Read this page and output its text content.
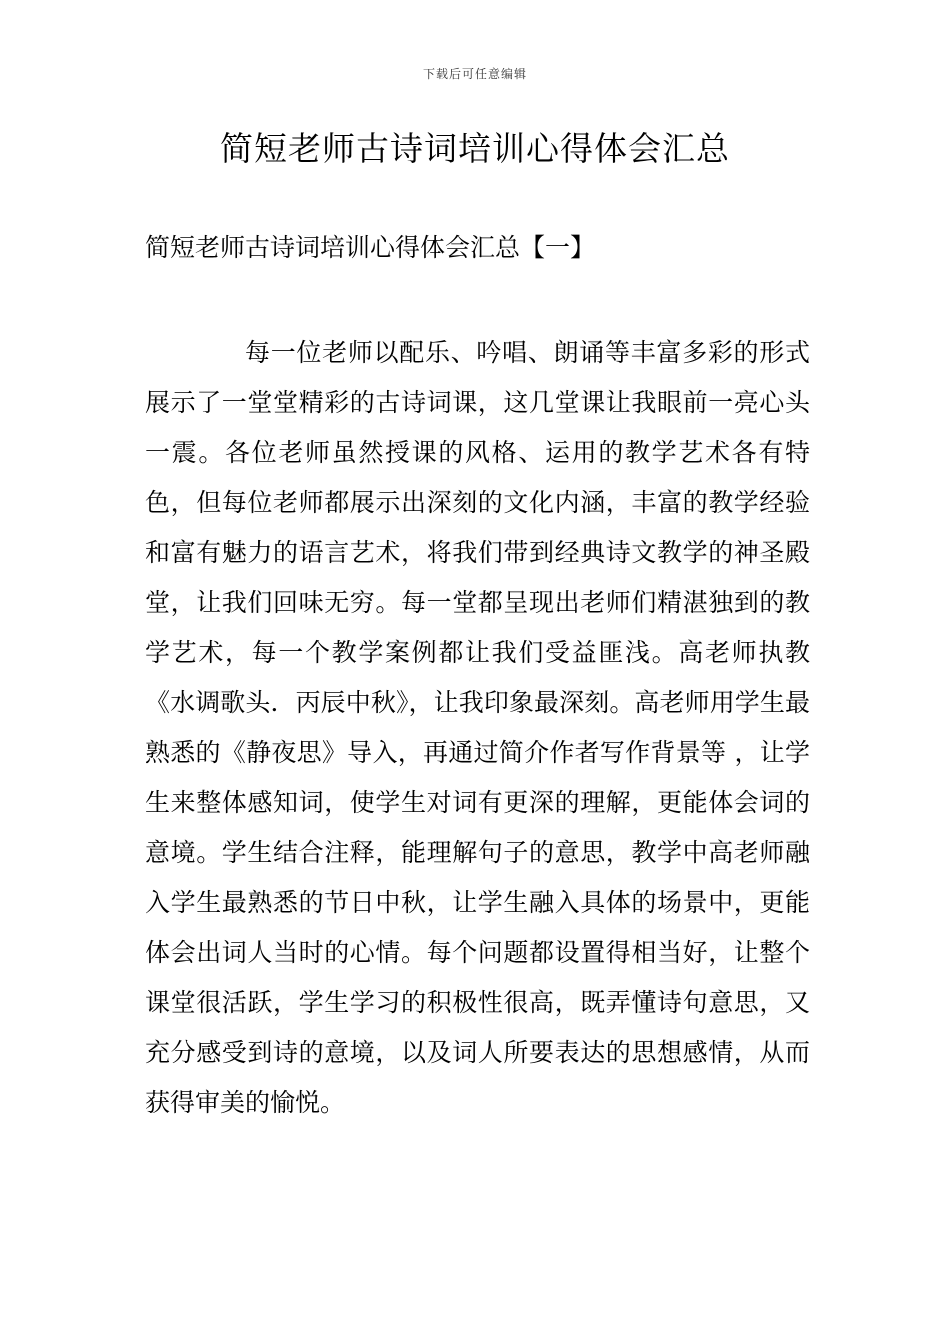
下载后可任意编辑
简短老师古诗词培训心得体会汇总
简短老师古诗词培训心得体会汇总【一】

每一位老师以配乐、吟唱、朗诵等丰富多彩的形式展示了一堂堂精彩的古诗词课，这几堂课让我眼前一亮心头一震。各位老师虽然授课的风格、运用的教学艺术各有特色，但每位老师都展示出深刻的文化内涵，丰富的教学经验和富有魅力的语言艺术，将我们带到经典诗文教学的神圣殿堂，让我们回味无穷。每一堂都呈现出老师们精湛独到的教学艺术，每一个教学案例都让我们受益匪浅。高老师执教《水调歌头．丙辰中秋》，让我印象最深刻。高老师用学生最熟悉的《静夜思》导入，再通过简介作者写作背景等 ，让学生来整体感知词，使学生对词有更深的理解，更能体会词的意境。学生结合注释，能理解句子的意思，教学中高老师融入学生最熟悉的节日中秋，让学生融入具体的场景中，更能体会出词人当时的心情。每个问题都设置得相当好，让整个课堂很活跃，学生学习的积极性很高，既弄懂诗句意思，又充分感受到诗的意境，以及词人所要表达的思想感情，从而获得审美的愉悦。
